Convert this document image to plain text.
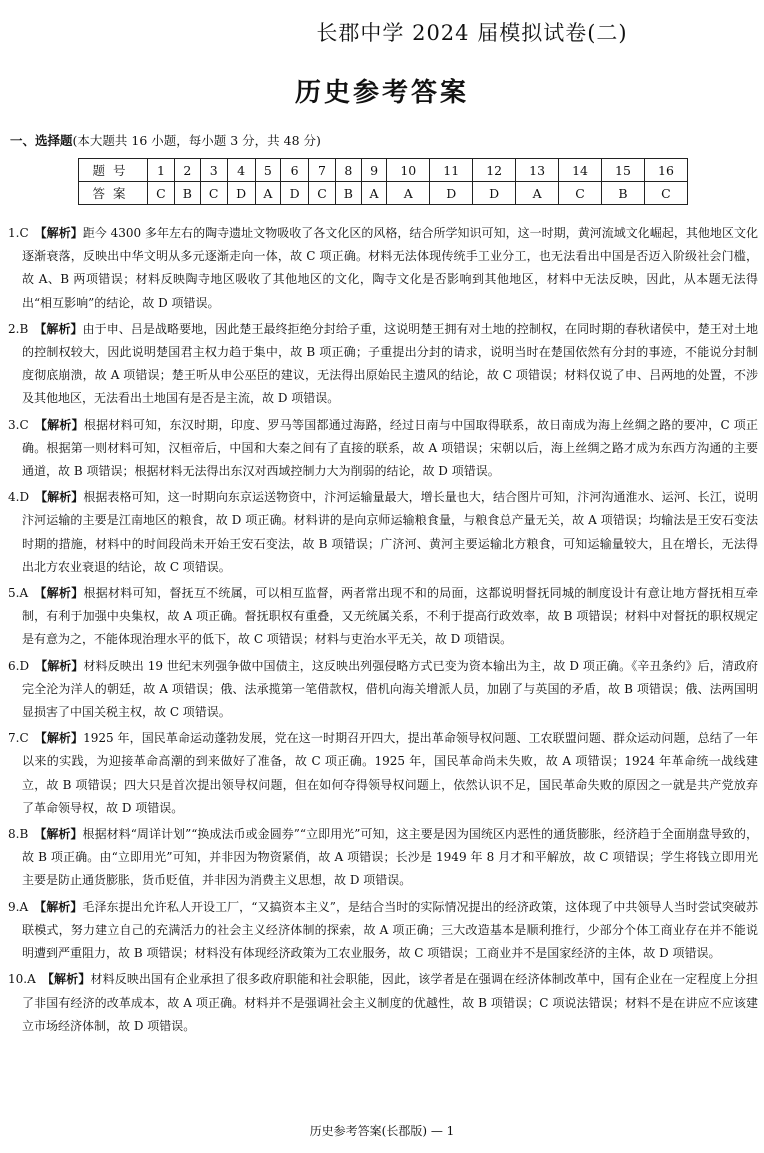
长郡中学 2024 届模拟试卷(二)
历史参考答案
一、选择题(本大题共 16 小题，每小题 3 分，共 48 分)
题号	1	2	3	4	5	6	7	8	9	10	11	12	13	14	15	16
答案	C	B	C	D	A	D	C	B	A	A	D	D	A	C	B	C
1.C  【解析】距今 4300 多年左右的陶寺遗址文物吸收了各文化区的风格，结合所学知识可知，这一时期，黄河流域文化崛起，其他地区文化逐渐衰落，反映出中华文明从多元逐渐走向一体，故 C 项正确。材料无法体现传统手工业分工，也无法看出中国是否迈入阶级社会门槛，故 A、B 两项错误；材料反映陶寺地区吸收了其他地区的文化，陶寺文化是否影响到其他地区，材料中无法反映，因此，从本题无法得出“相互影响”的结论，故 D 项错误。
2.B  【解析】由于申、吕是战略要地，因此楚王最终拒绝分封给子重，这说明楚王拥有对土地的控制权，在同时期的春秋诸侯中，楚王对土地的控制权较大，因此说明楚国君主权力趋于集中，故 B 项正确；子重提出分封的请求，说明当时在楚国依然有分封的事迹，不能说分封制度彻底崩溃，故 A 项错误；楚王听从申公巫臣的建议，无法得出原始民主遗风的结论，故 C 项错误；材料仅说了申、吕两地的处置，不涉及其他地区，无法看出土地国有是否是主流，故 D 项错误。
3.C  【解析】根据材料可知，东汉时期，印度、罗马等国都通过海路，经过日南与中国取得联系，故日南成为海上丝绸之路的要冲，C 项正确。根据第一则材料可知，汉桓帝后，中国和大秦之间有了直接的联系，故 A 项错误；宋朝以后，海上丝绸之路才成为东西方沟通的主要通道，故 B 项错误；根据材料无法得出东汉对西域控制力大为削弱的结论，故 D 项错误。
4.D  【解析】根据表格可知，这一时期向东京运送物资中，汴河运输量最大，增长量也大，结合图片可知，汴河沟通淮水、运河、长江，说明汴河运输的主要是江南地区的粮食，故 D 项正确。材料讲的是向京师运输粮食量，与粮食总产量无关，故 A 项错误；均输法是王安石变法时期的措施，材料中的时间段尚未开始王安石变法，故 B 项错误；广济河、黄河主要运输北方粮食，可知运输量较大，且在增长，无法得出北方农业衰退的结论，故 C 项错误。
5.A  【解析】根据材料可知，督抚互不统属，可以相互监督，两者常出现不和的局面，这都说明督抚同城的制度设计有意让地方督抚相互牵制，有利于加强中央集权，故 A 项正确。督抚职权有重叠，又无统属关系，不利于提高行政效率，故 B 项错误；材料中对督抚的职权规定是有意为之，不能体现治理水平的低下，故 C 项错误；材料与吏治水平无关，故 D 项错误。
6.D  【解析】材料反映出 19 世纪末列强争做中国债主，这反映出列强侵略方式已变为资本输出为主，故 D 项正确。《辛丑条约》后，清政府完全沦为洋人的朝廷，故 A 项错误；俄、法承揽第一笔借款权，借机向海关增派人员，加剧了与英国的矛盾，故 B 项错误；俄、法两国明显损害了中国关税主权，故 C 项错误。
7.C  【解析】1925 年，国民革命运动蓬勃发展，党在这一时期召开四大，提出革命领导权问题、工农联盟问题、群众运动问题，总结了一年以来的实践，为迎接革命高潮的到来做好了准备，故 C 项正确。1925 年，国民革命尚未失败，故 A 项错误；1924 年革命统一战线建立，故 B 项错误；四大只是首次提出领导权问题，但在如何夺得领导权问题上，依然认识不足，国民革命失败的原因之一就是共产党放弃了革命领导权，故 D 项错误。
8.B  【解析】根据材料“周详计划”“换成法币或金圆券”“立即用光”可知，这主要是因为国统区内恶性的通货膨胀，经济趋于全面崩盘导致的，故 B 项正确。由“立即用光”可知，并非因为物资紧俏，故 A 项错误；长沙是 1949 年 8 月才和平解放，故 C 项错误；学生将钱立即用光主要是防止通货膨胀，货币贬值，并非因为消费主义思想，故 D 项错误。
9.A  【解析】毛泽东提出允许私人开设工厂，“又搞资本主义”，是结合当时的实际情况提出的经济政策，这体现了中共领导人当时尝试突破苏联模式，努力建立自己的充满活力的社会主义经济体制的探索，故 A 项正确；三大改造基本是顺利推行，少部分个体工商业存在并不能说明遭到严重阻力，故 B 项错误；材料没有体现经济政策为工农业服务，故 C 项错误；工商业并不是国家经济的主体，故 D 项错误。
10.A  【解析】材料反映出国有企业承担了很多政府职能和社会职能，因此，该学者是在强调在经济体制改革中，国有企业在一定程度上分担了非国有经济的改革成本，故 A 项正确。材料并不是强调社会主义制度的优越性，故 B 项错误；C 项说法错误；材料不是在讲应不应该建立市场经济体制，故 D 项错误。
历史参考答案(长郡版) — 1
